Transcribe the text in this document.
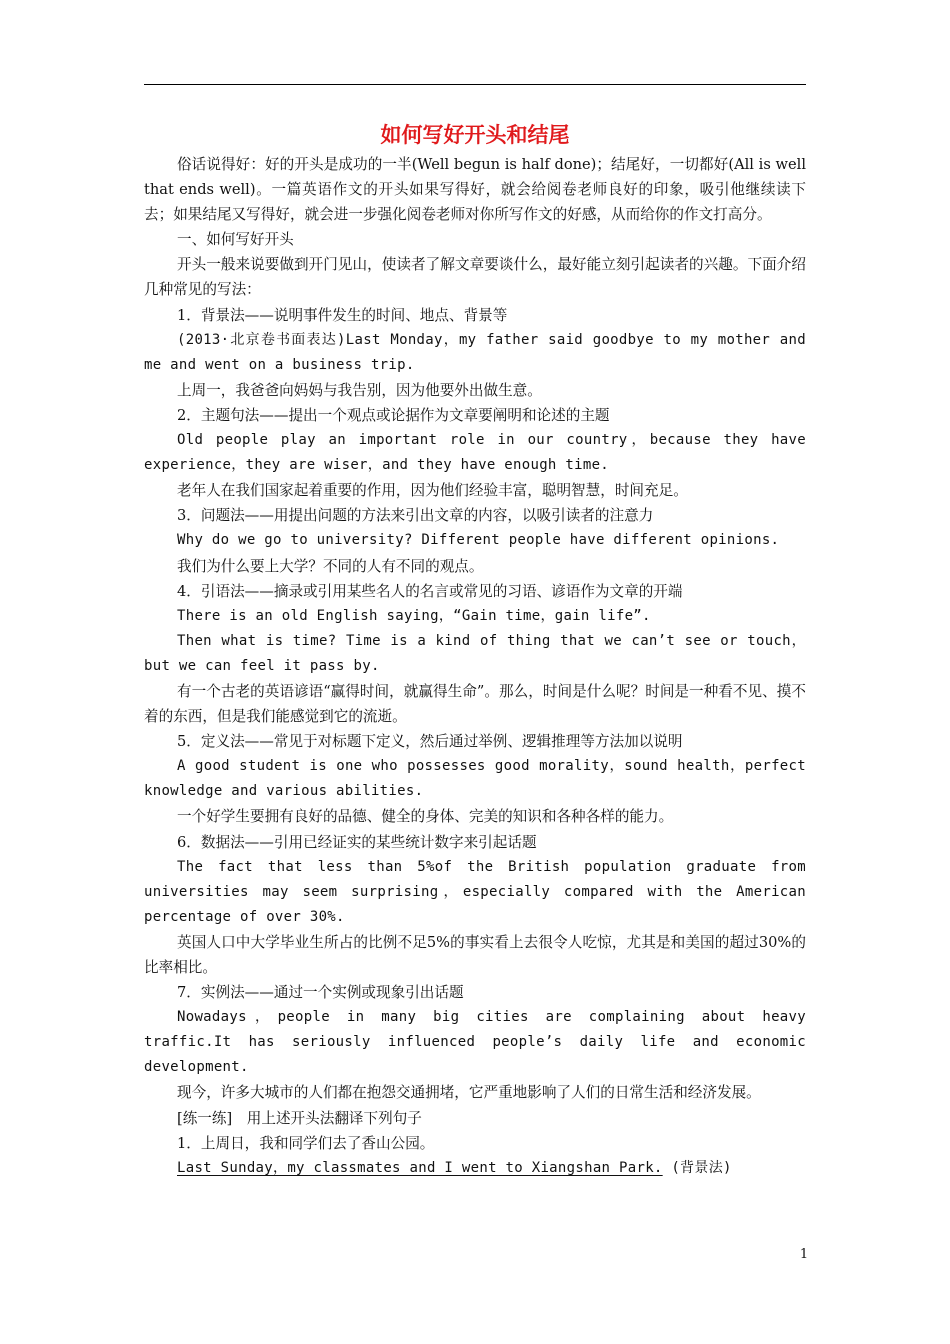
如何写好开头和结尾

俗话说得好：好的开头是成功的一半(Well begun is half done)；结尾好，一切都好(All is well that ends well)。一篇英语作文的开头如果写得好，就会给阅卷老师良好的印象，吸引他继续读下去；如果结尾又写得好，就会进一步强化阅卷老师对你所写作文的好感，从而给你的作文打高分。

一、如何写好开头

开头一般来说要做到开门见山，使读者了解文章要谈什么，最好能立刻引起读者的兴趣。下面介绍几种常见的写法：

1．背景法——说明事件发生的时间、地点、背景等

(2013·北京卷书面表达)Last Monday，my father said goodbye to my mother and me and went on a business trip.

上周一，我爸爸向妈妈与我告别，因为他要外出做生意。

2．主题句法——提出一个观点或论据作为文章要阐明和论述的主题

Old people play an important role in our country，because they have experience，they are wiser，and they have enough time.

老年人在我们国家起着重要的作用，因为他们经验丰富，聪明智慧，时间充足。

3．问题法——用提出问题的方法来引出文章的内容，以吸引读者的注意力

Why do we go to university? Different people have different opinions.

我们为什么要上大学？不同的人有不同的观点。

4．引语法——摘录或引用某些名人的名言或常见的习语、谚语作为文章的开端

There is an old English saying，“Gain time，gain life”.

Then what is time? Time is a kind of thing that we can’t see or touch，but we can feel it pass by.

有一个古老的英语谚语“赢得时间，就赢得生命”。那么，时间是什么呢？时间是一种看不见、摸不着的东西，但是我们能感觉到它的流逝。

5．定义法——常见于对标题下定义，然后通过举例、逻辑推理等方法加以说明

A good student is one who possesses good morality，sound health，perfect knowledge and various abilities.

一个好学生要拥有良好的品德、健全的身体、完美的知识和各种各样的能力。

6．数据法——引用已经证实的某些统计数字来引起话题

The fact that less than 5%of the British population graduate from universities may seem surprising，especially compared with the American percentage of over 30%.

英国人口中大学毕业生所占的比例不足5%的事实看上去很令人吃惊，尤其是和美国的超过30%的比率相比。

7．实例法——通过一个实例或现象引出话题

Nowadays，people in many big cities are complaining about heavy traffic.It has seriously influenced people’s daily life and economic development.

现今，许多大城市的人们都在抱怨交通拥堵，它严重地影响了人们的日常生活和经济发展。

[练一练]　用上述开头法翻译下列句子

1．上周日，我和同学们去了香山公园。

Last Sunday，my classmates and I went to Xiangshan Park. (背景法)

1
